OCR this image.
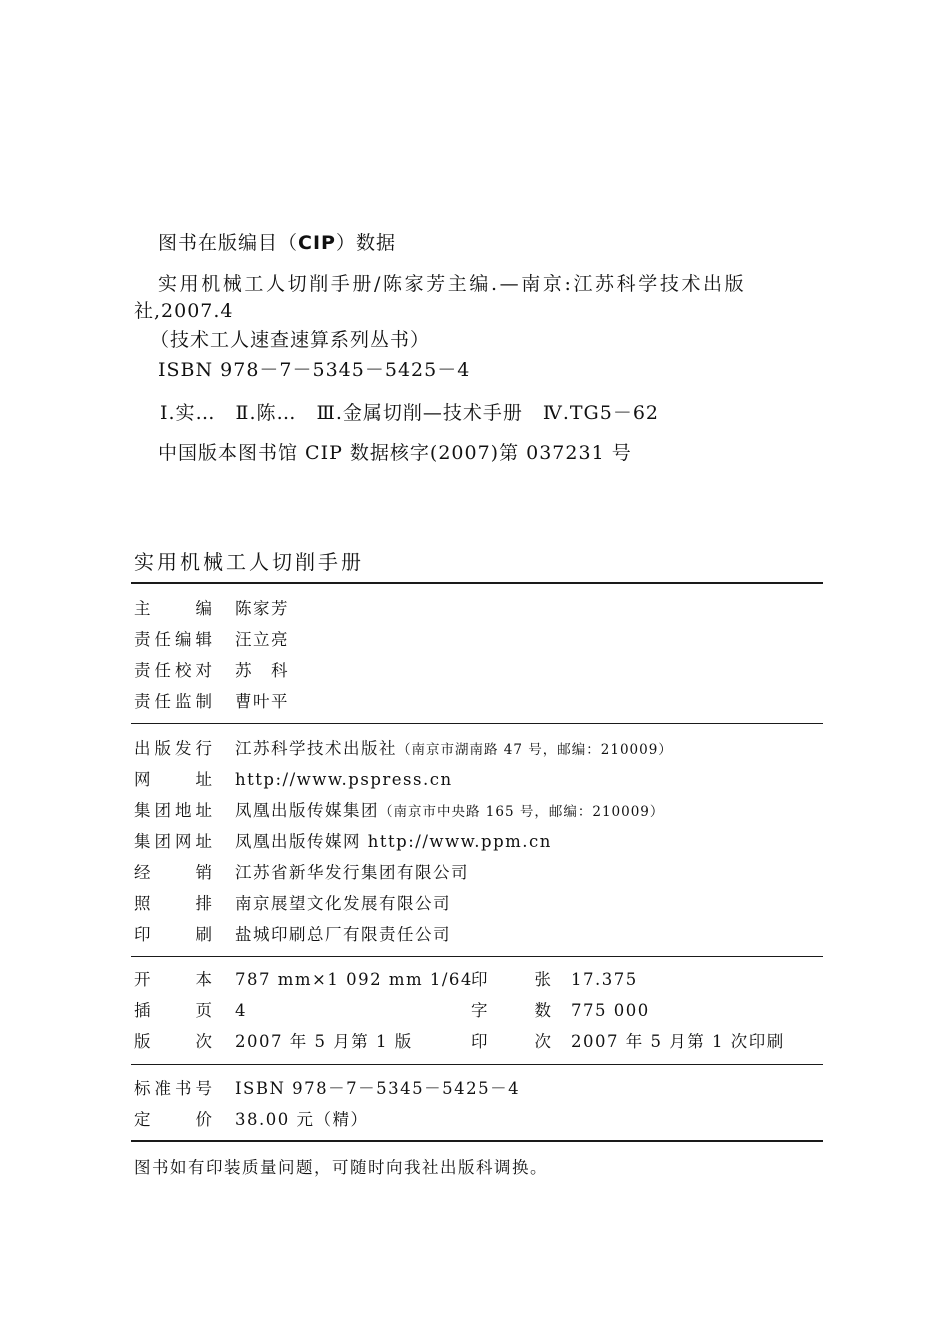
图书在版编目（CIP）数据
实用机械工人切削手册/陈家芳主编.—南京:江苏科学技术出版
社,2007.4
（技术工人速查速算系列丛书）
ISBN 978－7－5345－5425－4
Ⅰ.实…　Ⅱ.陈…　Ⅲ.金属切削—技术手册　Ⅳ.TG5－62
中国版本图书馆 CIP 数据核字(2007)第 037231 号
实用机械工人切削手册
主编 陈家芳
责任编辑 汪立亮
责任校对 苏　科
责任监制 曹叶平
出版发行 江苏科学技术出版社（南京市湖南路 47 号，邮编：210009）
网址 http://www.pspress.cn
集团地址 凤凰出版传媒集团（南京市中央路 165 号，邮编：210009）
集团网址 凤凰出版传媒网 http://www.ppm.cn
经销 江苏省新华发行集团有限公司
照排 南京展望文化发展有限公司
印刷 盐城印刷总厂有限责任公司
开本 787 mm×1 092 mm 1/64
印张 17.375
插页 4	字数 775 000
版次 2007 年 5 月第 1 版	印次 2007 年 5 月第 1 次印刷
标准书号 ISBN 978－7－5345－5425－4
定价 38.00 元（精）
图书如有印装质量问题，可随时向我社出版科调换。
